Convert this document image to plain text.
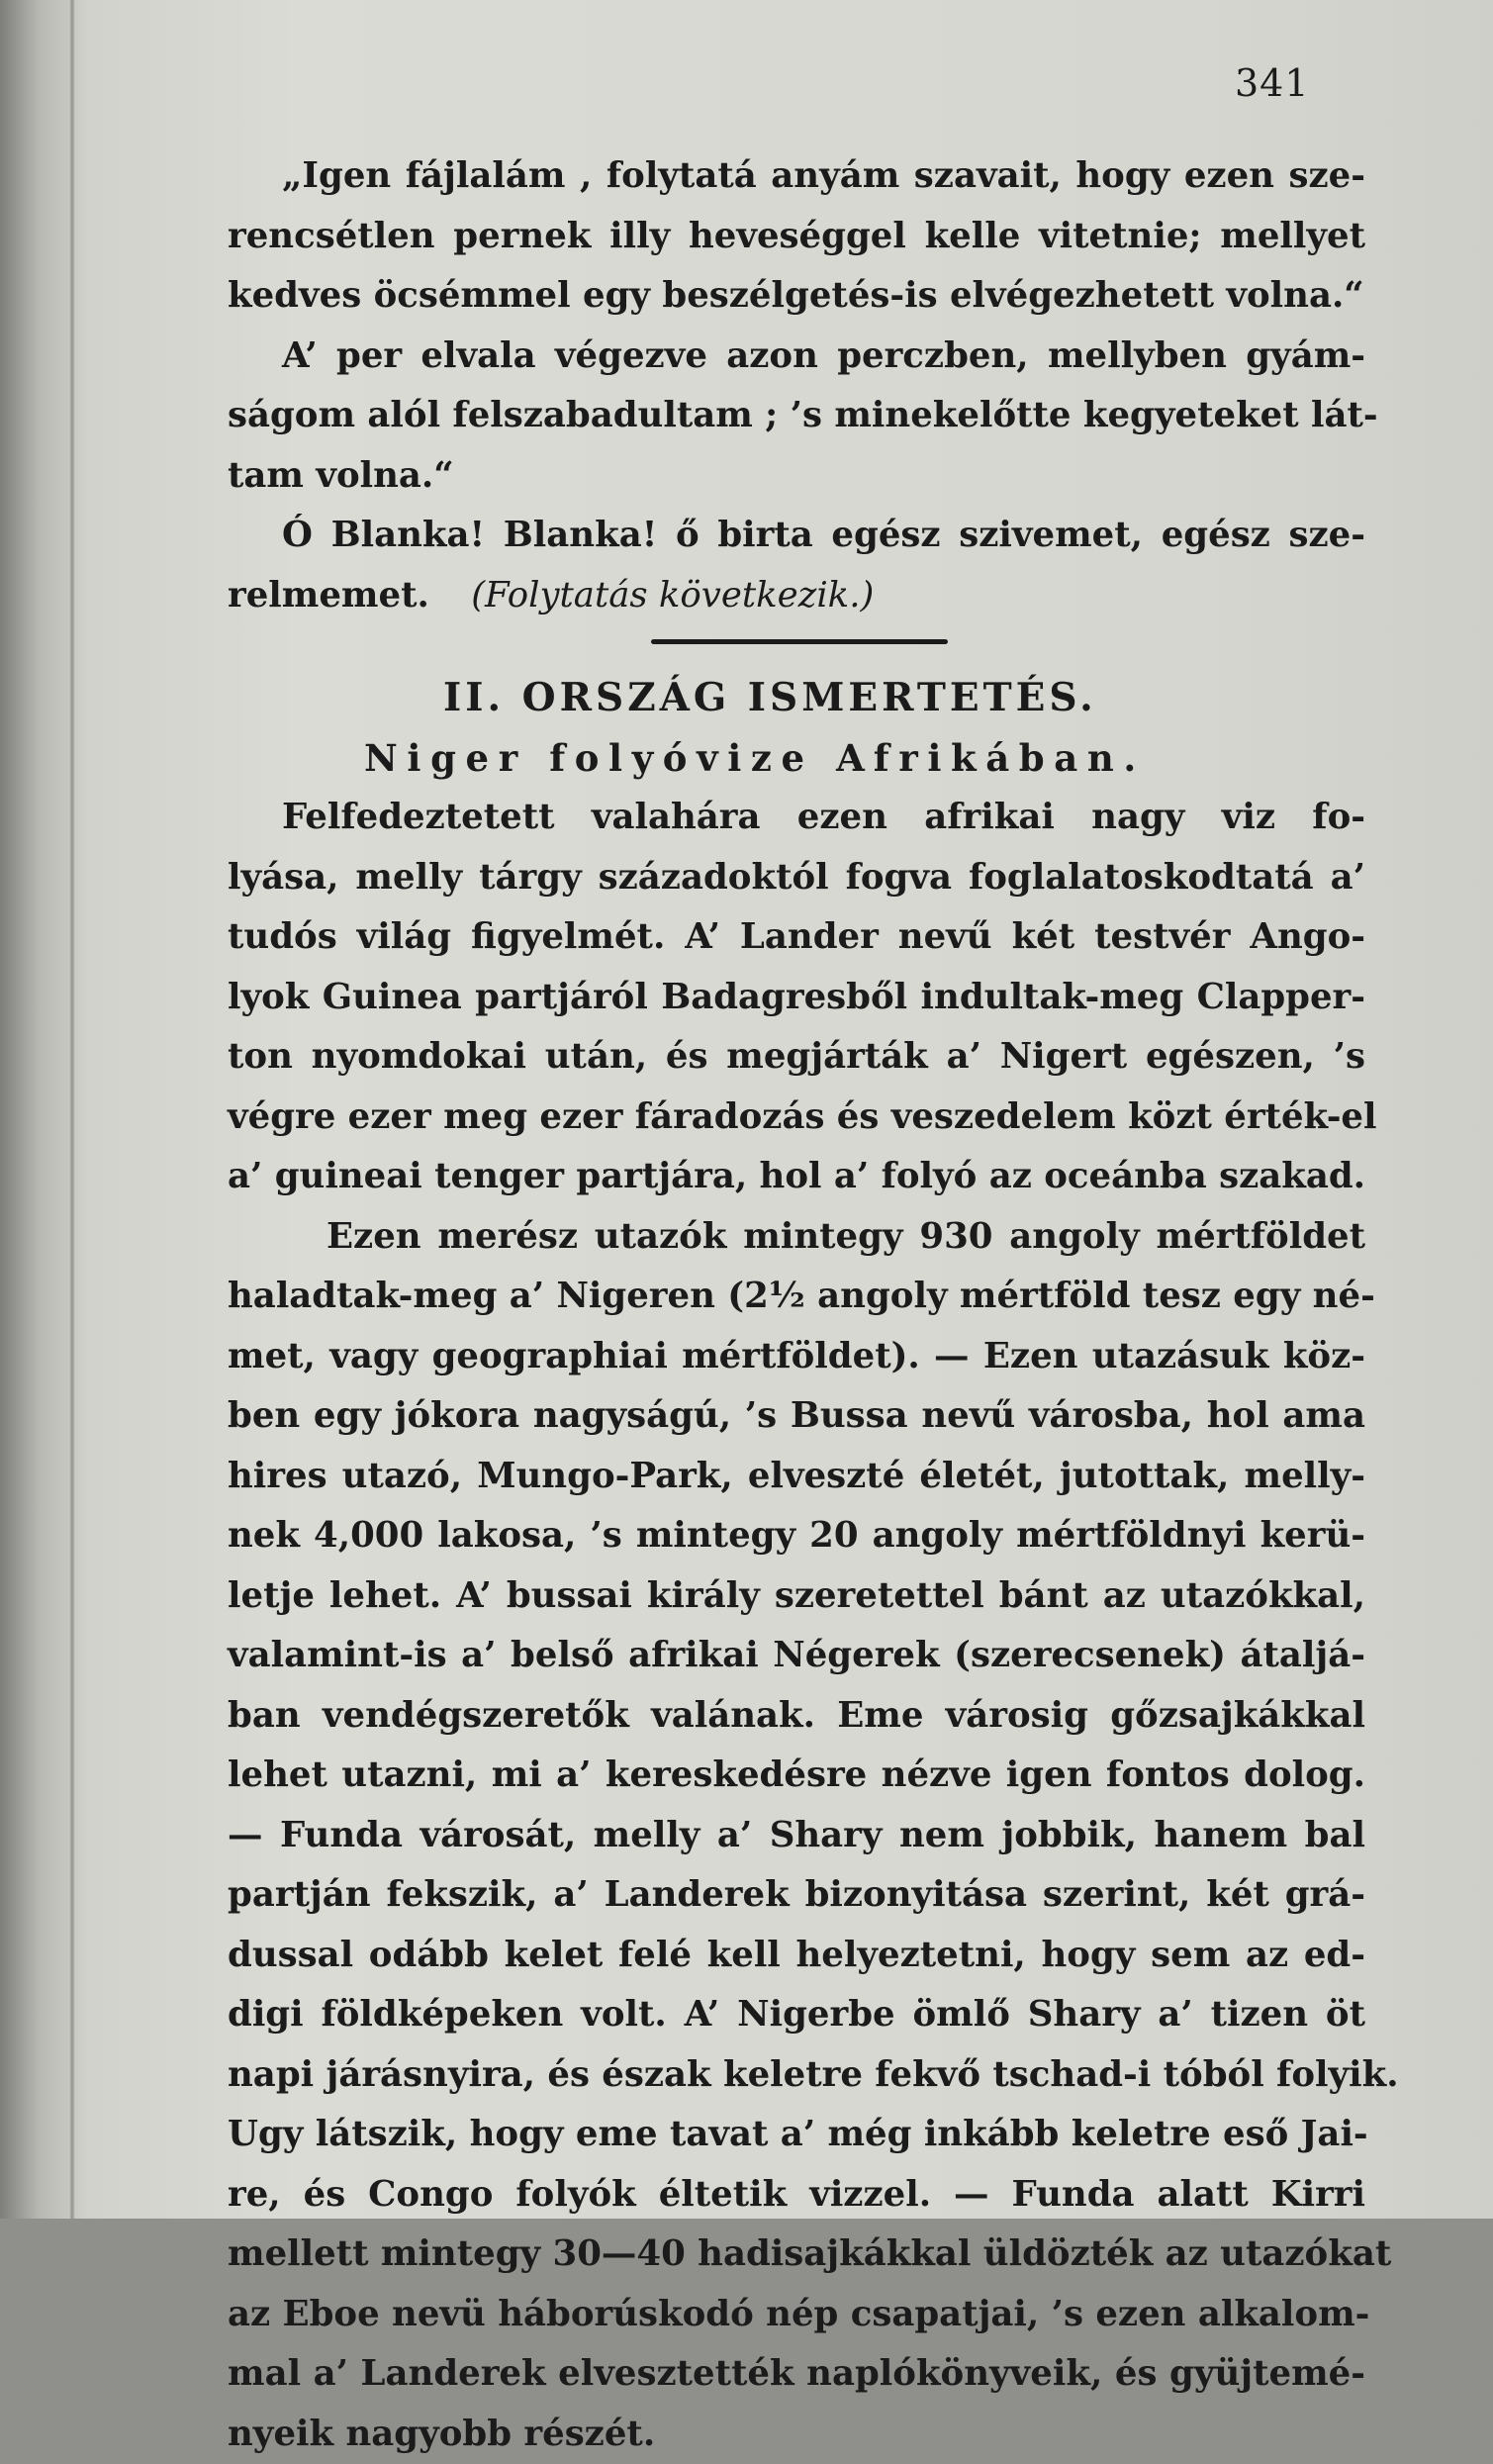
341
„Igen fájlalám , folytatá anyám szavait, hogy ezen sze-
rencsétlen pernek illy heveséggel kelle vitetnie; mellyet
kedves öcsémmel egy beszélgetés-is elvégezhetett volna.“
A’ per elvala végezve azon perczben, mellyben gyám-
ságom alól felszabadultam ; ’s minekelőtte kegyeteket lát-
tam volna.“
Ó Blanka! Blanka! ő birta egész szivemet, egész sze-
relmemet. (Folytatás következik.)
II. ORSZÁG ISMERTETÉS.
Niger folyóvize Afrikában.
Felfedeztetett valahára ezen afrikai nagy viz fo-
lyása, melly tárgy századoktól fogva foglalatoskodtatá a’
tudós világ figyelmét. A’ Lander nevű két testvér Ango-
lyok Guinea partjáról Badagresből indultak-meg Clapper-
ton nyomdokai után, és megjárták a’ Nigert egészen, ’s
végre ezer meg ezer fáradozás és veszedelem közt érték-el
a’ guineai tenger partjára, hol a’ folyó az oceánba szakad.
Ezen merész utazók mintegy 930 angoly mértföldet
haladtak-meg a’ Nigeren (2½ angoly mértföld tesz egy né-
met, vagy geographiai mértföldet). — Ezen utazásuk köz-
ben egy jókora nagyságú, ’s Bussa nevű városba, hol ama
hires utazó, Mungo-Park, elveszté életét, jutottak, melly-
nek 4,000 lakosa, ’s mintegy 20 angoly mértföldnyi kerü-
letje lehet. A’ bussai király szeretettel bánt az utazókkal,
valamint-is a’ belső afrikai Négerek (szerecsenek) átaljá-
ban vendégszeretők valának. Eme városig gőzsajkákkal
lehet utazni, mi a’ kereskedésre nézve igen fontos dolog.
— Funda városát, melly a’ Shary nem jobbik, hanem bal
partján fekszik, a’ Landerek bizonyitása szerint, két grá-
dussal odább kelet felé kell helyeztetni, hogy sem az ed-
digi földképeken volt. A’ Nigerbe ömlő Shary a’ tizen öt
napi járásnyira, és észak keletre fekvő tschad-i tóból folyik.
Ugy látszik, hogy eme tavat a’ még inkább keletre eső Jai-
re, és Congo folyók éltetik vizzel. — Funda alatt Kirri
mellett mintegy 30—40 hadisajkákkal üldözték az utazókat
az Eboe nevü háborúskodó nép csapatjai, ’s ezen alkalom-
mal a’ Landerek elvesztették naplókönyveik, és gyüjtemé-
nyeik nagyobb részét.
